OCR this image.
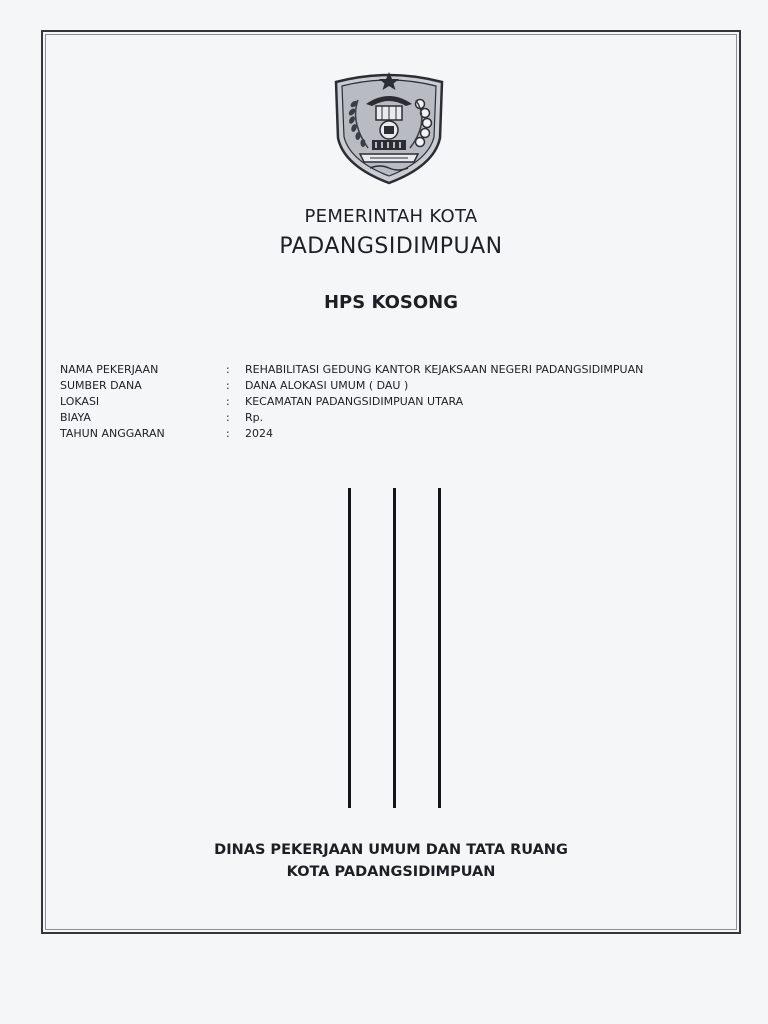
PEMERINTAH KOTA
PADANGSIDIMPUAN
HPS KOSONG
NAMA PEKERJAAN	: REHABILITASI GEDUNG KANTOR KEJAKSAAN NEGERI PADANGSIDIMPUAN
SUMBER DANA	: DANA ALOKASI UMUM ( DAU )
LOKASI	: KECAMATAN PADANGSIDIMPUAN UTARA
BIAYA	: Rp.
TAHUN ANGGARAN	: 2024
DINAS PEKERJAAN UMUM DAN TATA RUANG
KOTA PADANGSIDIMPUAN
